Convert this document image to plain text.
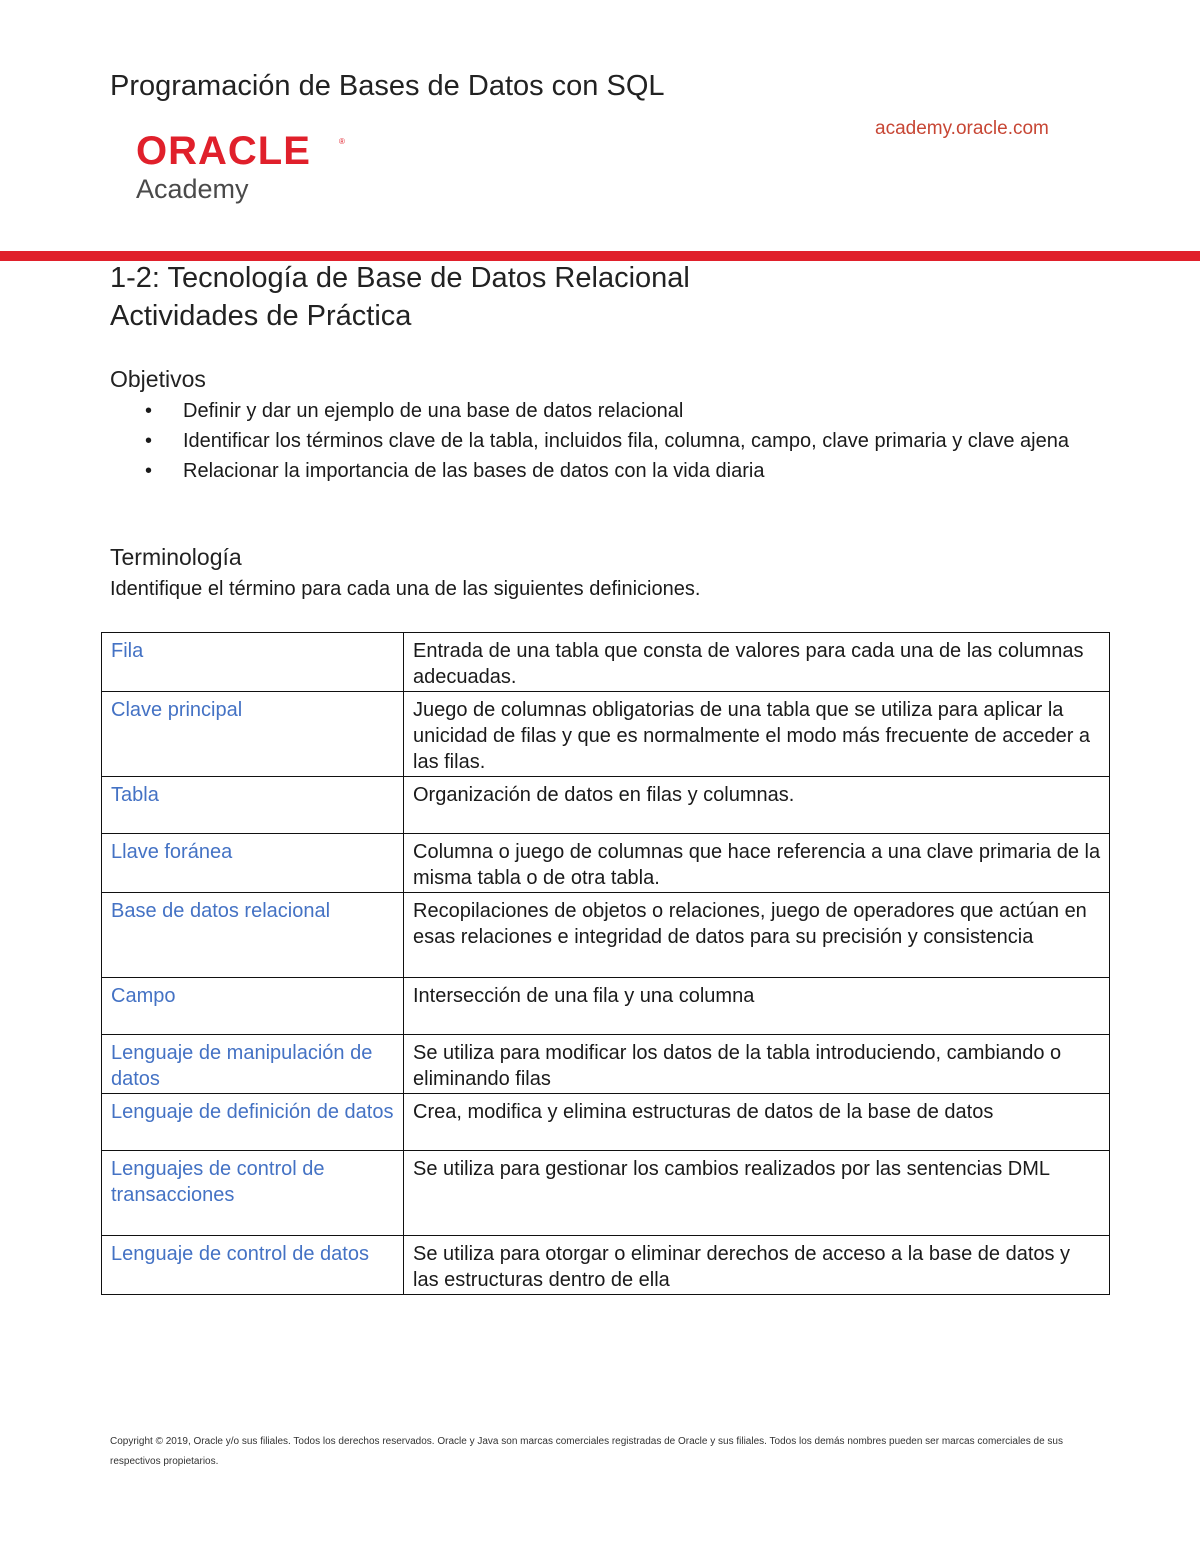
Programación de Bases de Datos con SQL
ORACLE	®
Academy
academy.oracle.com
1-2: Tecnología de Base de Datos Relacional
Actividades de Práctica
Objetivos
• Definir y dar un ejemplo de una base de datos relacional
• Identificar los términos clave de la tabla, incluidos fila, columna, campo, clave primaria y clave ajena
• Relacionar la importancia de las bases de datos con la vida diaria
Terminología

Identifique el término para cada una de las siguientes definiciones.

Fila	Entrada de una tabla que consta de valores para cada una de las columnas adecuadas.
Clave principal	Juego de columnas obligatorias de una tabla que se utiliza para aplicar la unicidad de filas y que es normalmente el modo más frecuente de acceder a las filas.
Tabla	Organización de datos en filas y columnas.
Llave foránea	Columna o juego de columnas que hace referencia a una clave primaria de la misma tabla o de otra tabla.
Base de datos relacional	Recopilaciones de objetos o relaciones, juego de operadores que actúan en esas relaciones e integridad de datos para su precisión y consistencia
Campo	Intersección de una fila y una columna
Lenguaje de manipulación de datos	Se utiliza para modificar los datos de la tabla introduciendo, cambiando o eliminando filas
Lenguaje de definición de datos	Crea, modifica y elimina estructuras de datos de la base de datos
Lenguajes de control de transacciones	Se utiliza para gestionar los cambios realizados por las sentencias DML
Lenguaje de control de datos	Se utiliza para otorgar o eliminar derechos de acceso a la base de datos y las estructuras dentro de ella

Copyright © 2019, Oracle y/o sus filiales. Todos los derechos reservados. Oracle y Java son marcas comerciales registradas de Oracle y sus filiales. Todos los demás nombres pueden ser marcas comerciales de sus respectivos propietarios.
